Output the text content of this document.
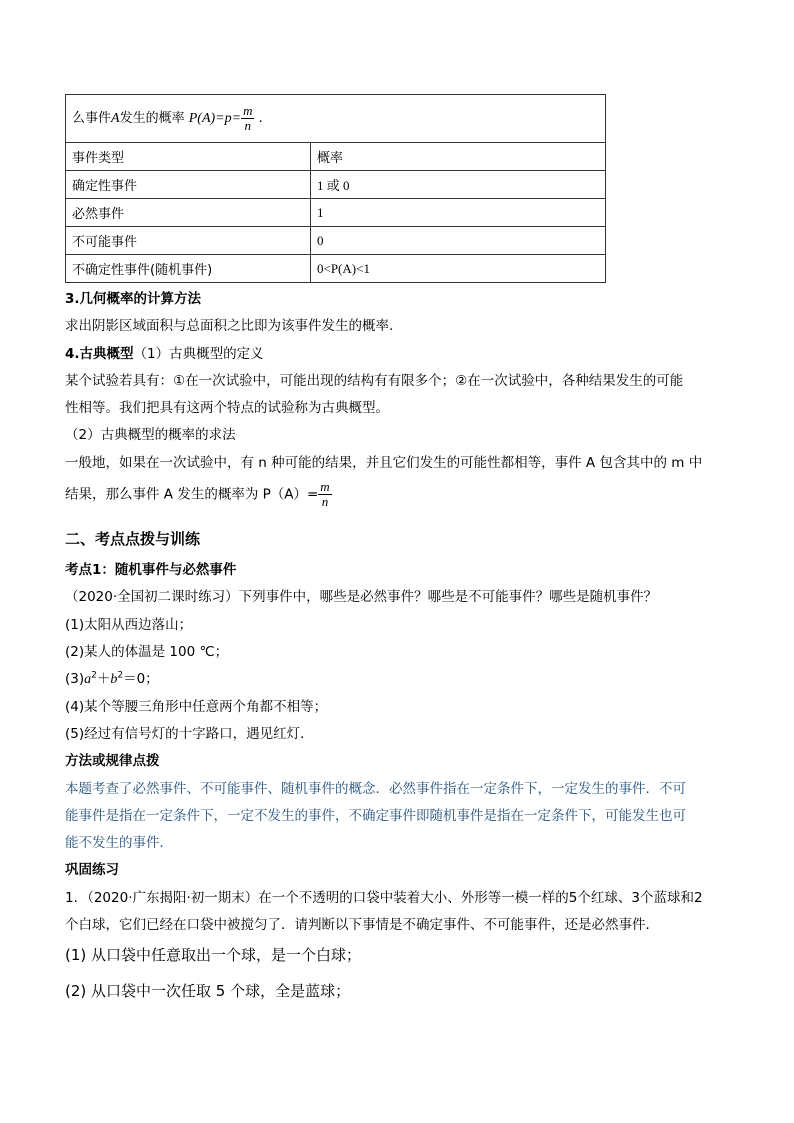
么事件A发生的概率 $P(A)=p= \frac{m}{n}$ .	
事件类型	概率
确定性事件	1 或 0
必然事件	1
不可能事件	0
不确定性事件(随机事件)	0<P(A)<1
3.几何概率的计算方法
求出阴影区域面积与总面积之比即为该事件发生的概率.
4.古典概型（1）古典概型的定义
某个试验若具有：①在一次试验中，可能出现的结构有有限多个；②在一次试验中，各种结果发生的可能
性相等。我们把具有这两个特点的试验称为古典概型。
（2）古典概型的概率的求法
一般地，如果在一次试验中，有 n 种可能的结果，并且它们发生的可能性都相等，事件 A 包含其中的 m 中
结果，那么事件 A 发生的概率为 $P(A)= \frac{m}{n}$
二、考点点拨与训练
考点1：随机事件与必然事件
（2020·全国初二课时练习）下列事件中，哪些是必然事件？哪些是不可能事件？哪些是随机事件？
(1)太阳从西边落山；
(2)某人的体温是 100 ℃；
$(3)a^2+b^2=0$；
(4)某个等腰三角形中任意两个角都不相等；
(5)经过有信号灯的十字路口，遇见红灯．
方法或规律点拨
本题考查了必然事件、不可能事件、随机事件的概念．必然事件指在一定条件下，一定发生的事件．不可
能事件是指在一定条件下，一定不发生的事件，不确定事件即随机事件是指在一定条件下，可能发生也可
能不发生的事件．
巩固练习
1．（2020·广东揭阳·初一期末）在一个不透明的口袋中装着大小、外形等一模一样的5个红球、3个蓝球和2
个白球，它们已经在口袋中被搅匀了．请判断以下事情是不确定事件、不可能事件，还是必然事件．
(1) 从口袋中任意取出一个球，是一个白球；
(2) 从口袋中一次任取 5 个球，全是蓝球；
